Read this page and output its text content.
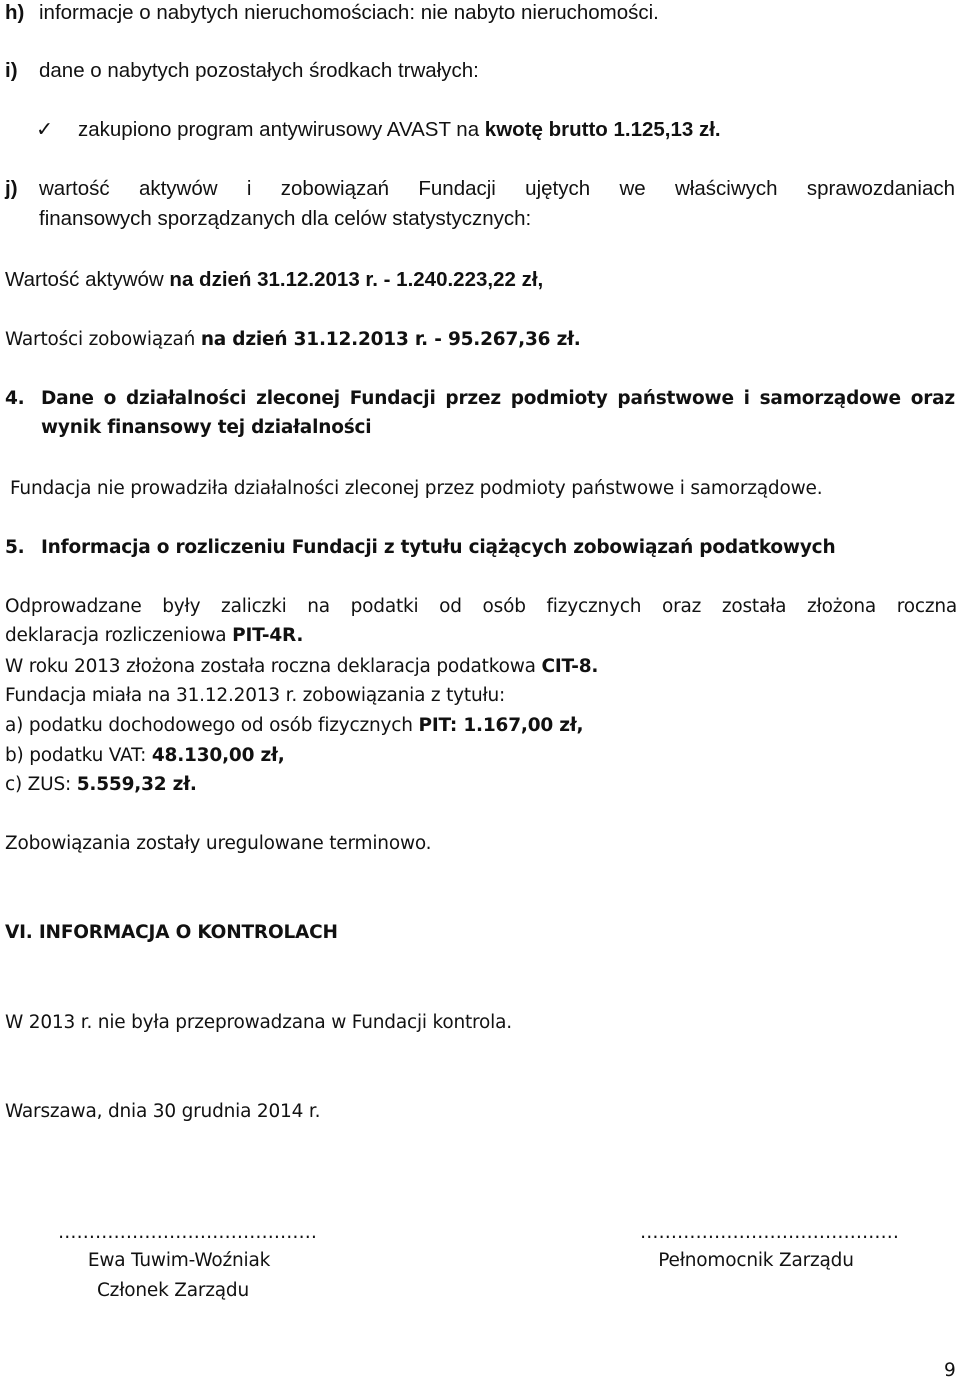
h) informacje o nabytych nieruchomościach: nie nabyto nieruchomości.
i) dane o nabytych pozostałych środkach trwałych:
✓ zakupiono program antywirusowy AVAST na kwotę brutto 1.125,13 zł.
j)	wartość aktywów i zobowiązań Fundacji ujętych we właściwych sprawozdaniach
finansowych sporządzanych dla celów statystycznych:
Wartość aktywów na dzień 31.12.2013 r. - 1.240.223,22 zł,
Wartości zobowiązań na dzień 31.12.2013 r. - 95.267,36 zł.
4. Dane o działalności zleconej Fundacji przez podmioty państwowe i samorządowe oraz
wynik finansowy tej działalności
Fundacja nie prowadziła działalności zleconej przez podmioty państwowe i samorządowe.
5. Informacja o rozliczeniu Fundacji z tytułu ciążących zobowiązań podatkowych
Odprowadzane były zaliczki na podatki od osób fizycznych oraz została złożona roczna
deklaracja rozliczeniowa PIT-4R.
W roku 2013 złożona została roczna deklaracja podatkowa CIT-8.
Fundacja miała na 31.12.2013 r. zobowiązania z tytułu:
a) podatku dochodowego od osób fizycznych PIT: 1.167,00 zł,
b) podatku VAT: 48.130,00 zł,
c) ZUS: 5.559,32 zł.
Zobowiązania zostały uregulowane terminowo.
VI. INFORMACJA O KONTROLACH
W 2013 r. nie była przeprowadzana w Fundacji kontrola.
Warszawa, dnia 30 grudnia 2014 r.
……………………………………
Ewa Tuwim-Woźniak
Członek Zarządu
……………………………………
Pełnomocnik Zarządu
9
